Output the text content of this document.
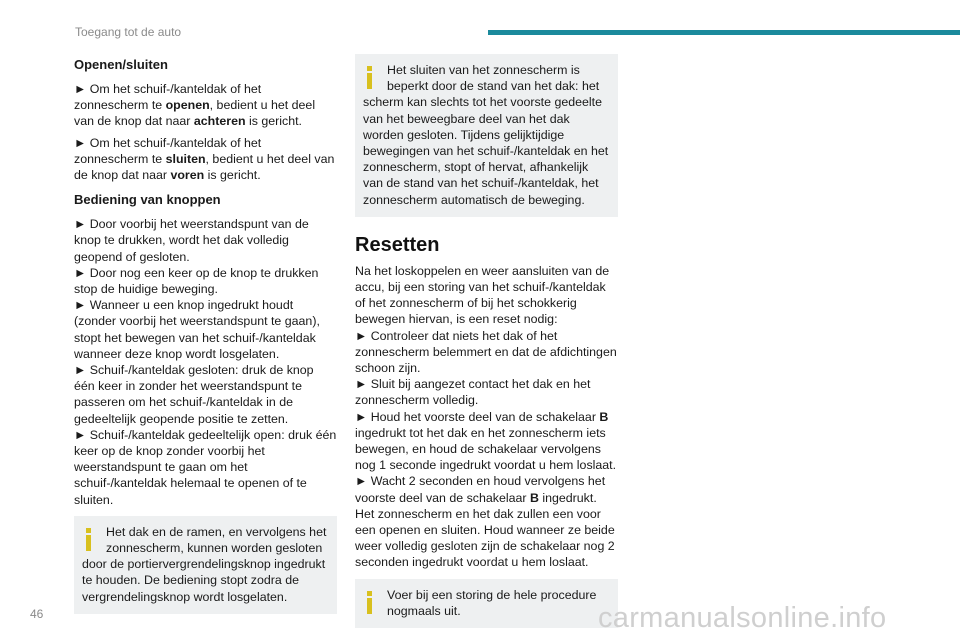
Toegang tot de auto
Openen/sluiten
► Om het schuif-/kanteldak of het zonnescherm te openen, bedient u het deel van de knop dat naar achteren is gericht.
► Om het schuif-/kanteldak of het zonnescherm te sluiten, bedient u het deel van de knop dat naar voren is gericht.
Bediening van knoppen
► Door voorbij het weerstandspunt van de knop te drukken, wordt het dak volledig geopend of gesloten.
► Door nog een keer op de knop te drukken stop de huidige beweging.
► Wanneer u een knop ingedrukt houdt (zonder voorbij het weerstandspunt te gaan), stopt het bewegen van het schuif-/kanteldak wanneer deze knop wordt losgelaten.
► Schuif-/kanteldak gesloten: druk de knop één keer in zonder het weerstandspunt te passeren om het schuif-/kanteldak in de gedeeltelijk geopende positie te zetten.
► Schuif-/kanteldak gedeeltelijk open: druk één keer op de knop zonder voorbij het weerstandspunt te gaan om het schuif-/kanteldak helemaal te openen of te sluiten.

Het dak en de ramen, en vervolgens het zonnescherm, kunnen worden gesloten door de portiervergrendelingsknop ingedrukt te houden. De bediening stopt zodra de vergrendelingsknop wordt losgelaten.

Het sluiten van het zonnescherm is beperkt door de stand van het dak: het scherm kan slechts tot het voorste gedeelte van het beweegbare deel van het dak worden gesloten. Tijdens gelijktijdige bewegingen van het schuif-/kanteldak en het zonnescherm, stopt of hervat, afhankelijk van de stand van het schuif-/kanteldak, het zonnescherm automatisch de beweging.

Resetten
Na het loskoppelen en weer aansluiten van de accu, bij een storing van het schuif-/kanteldak of het zonnescherm of bij het schokkerig bewegen hiervan, is een reset nodig:
► Controleer dat niets het dak of het zonnescherm belemmert en dat de afdichtingen schoon zijn.
► Sluit bij aangezet contact het dak en het zonnescherm volledig.
► Houd het voorste deel van de schakelaar B ingedrukt tot het dak en het zonnescherm iets bewegen, en houd de schakelaar vervolgens nog 1 seconde ingedrukt voordat u hem loslaat.
► Wacht 2 seconden en houd vervolgens het voorste deel van de schakelaar B ingedrukt.
Het zonnescherm en het dak zullen een voor een openen en sluiten. Houd wanneer ze beide weer volledig gesloten zijn de schakelaar nog 2 seconden ingedrukt voordat u hem loslaat.

Voer bij een storing de hele procedure nogmaals uit.

46	carmanualsonline.info
